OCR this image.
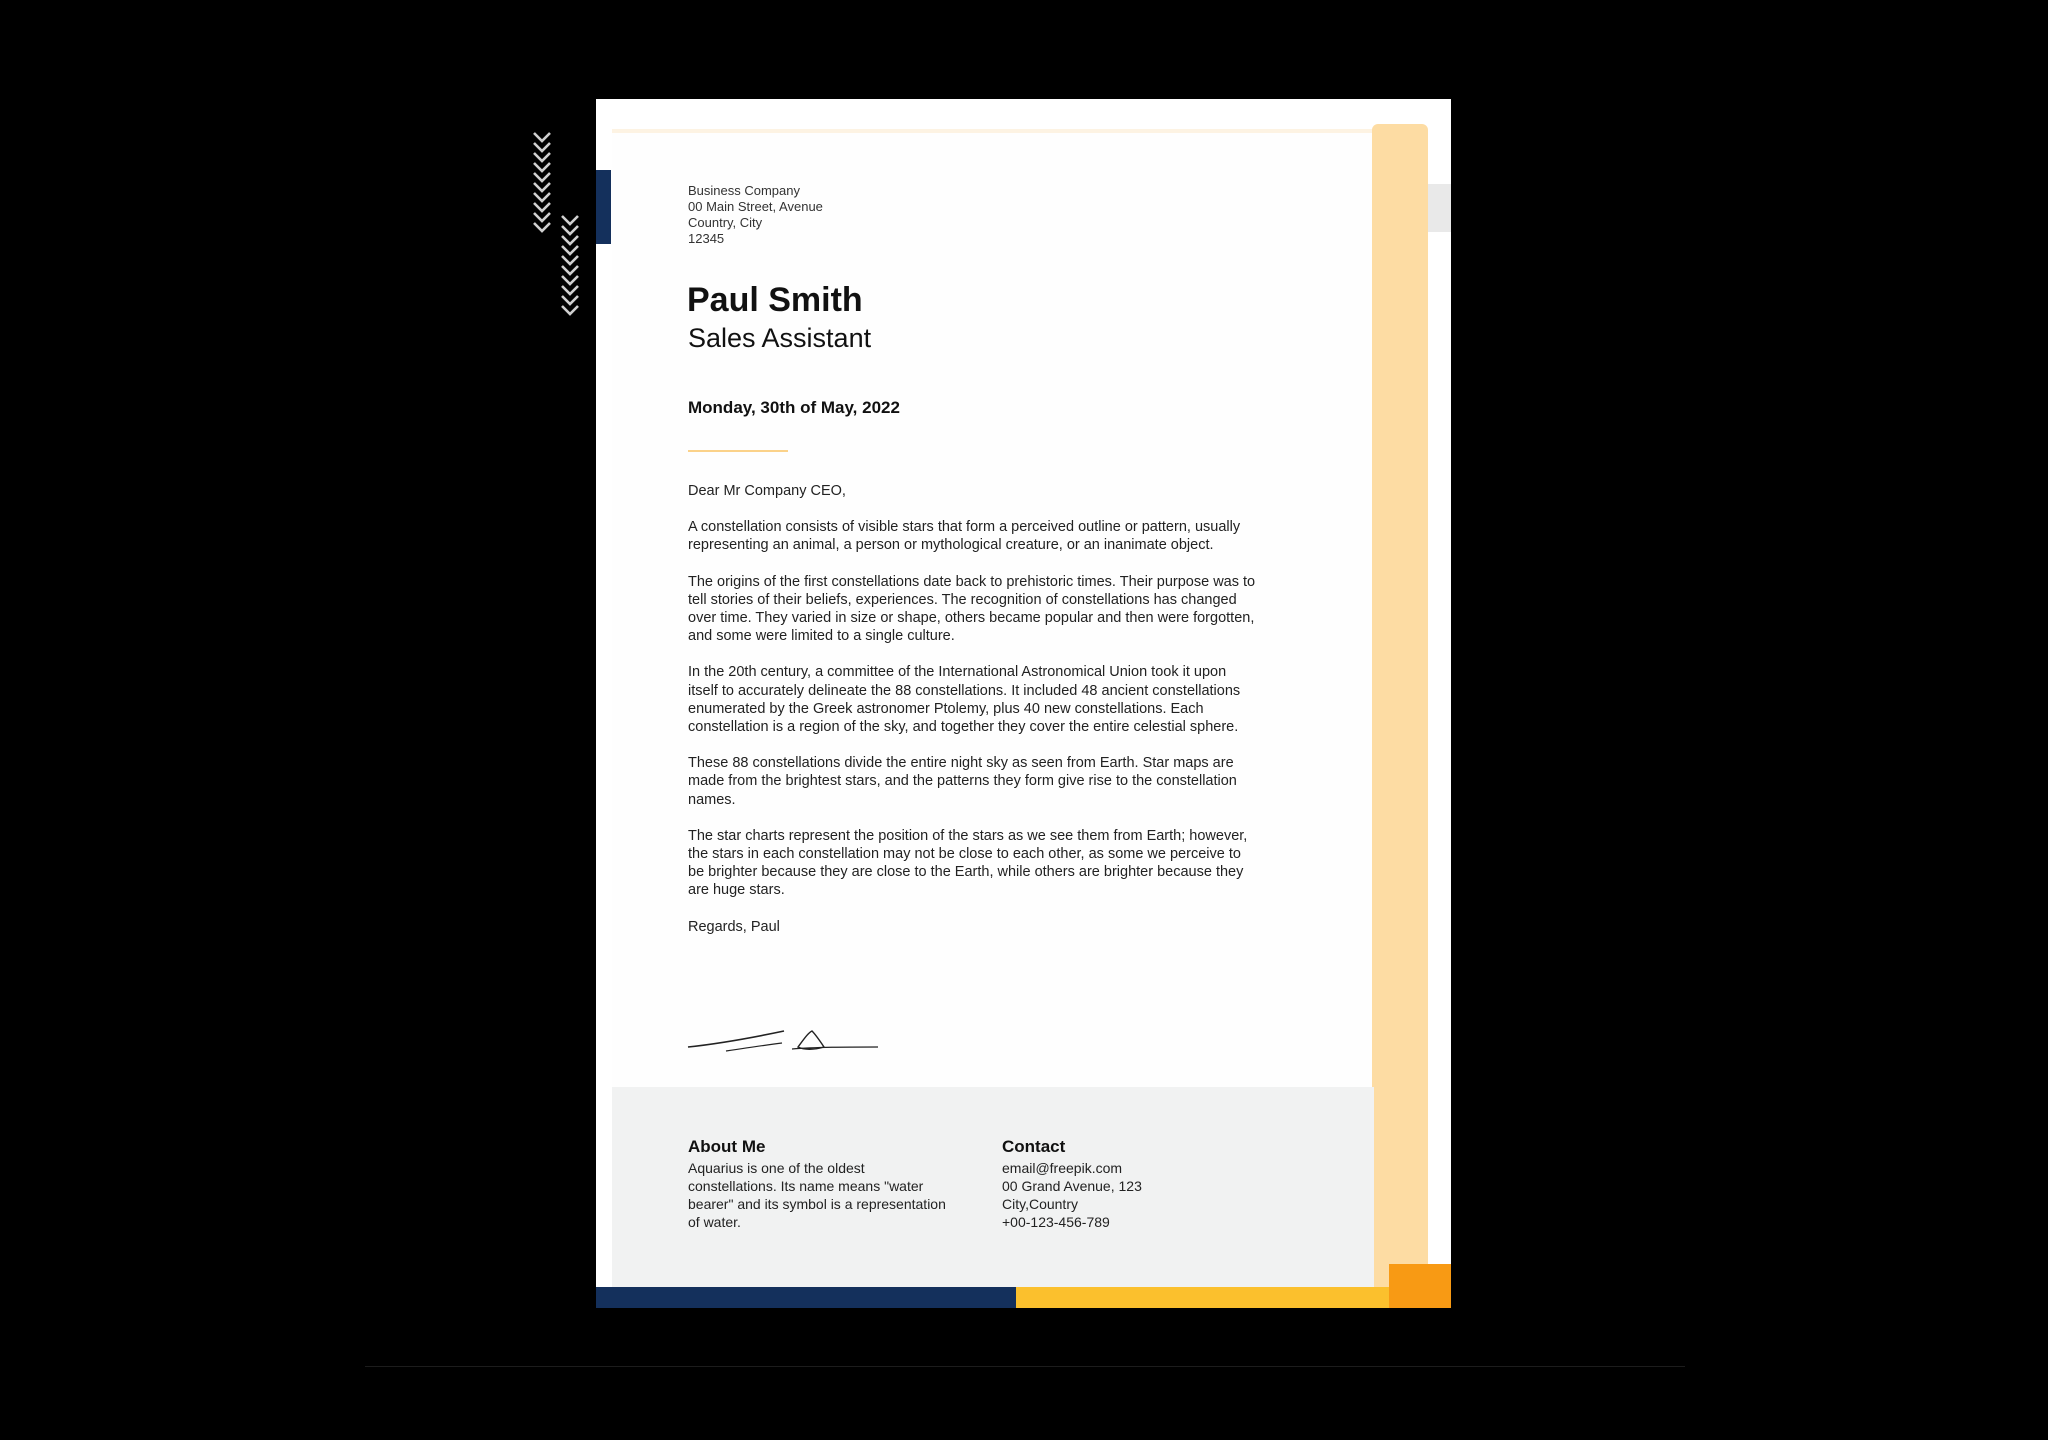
Business Company
00 Main Street, Avenue
Country, City
12345
Paul Smith
Sales Assistant
Monday, 30th of May, 2022

Dear Mr Company CEO,

A constellation consists of visible stars that form a perceived outline or pattern, usually representing an animal, a person or mythological creature, or an inanimate object.

The origins of the first constellations date back to prehistoric times. Their purpose was to tell stories of their beliefs, experiences. The recognition of constellations has changed over time. They varied in size or shape, others became popular and then were forgotten, and some were limited to a single culture.

In the 20th century, a committee of the International Astronomical Union took it upon itself to accurately delineate the 88 constellations. It included 48 ancient constellations enumerated by the Greek astronomer Ptolemy, plus 40 new constellations. Each constellation is a region of the sky, and together they cover the entire celestial sphere.

These 88 constellations divide the entire night sky as seen from Earth. Star maps are made from the brightest stars, and the patterns they form give rise to the constellation names.

The star charts represent the position of the stars as we see them from Earth; however, the stars in each constellation may not be close to each other, as some we perceive to be brighter because they are close to the Earth, while others are brighter because they are huge stars.

Regards, Paul

About Me
Aquarius is one of the oldest constellations. Its name means "water bearer" and its symbol is a representation of water.
Contact
email@freepik.com
00 Grand Avenue, 123
City,Country
+00-123-456-789
